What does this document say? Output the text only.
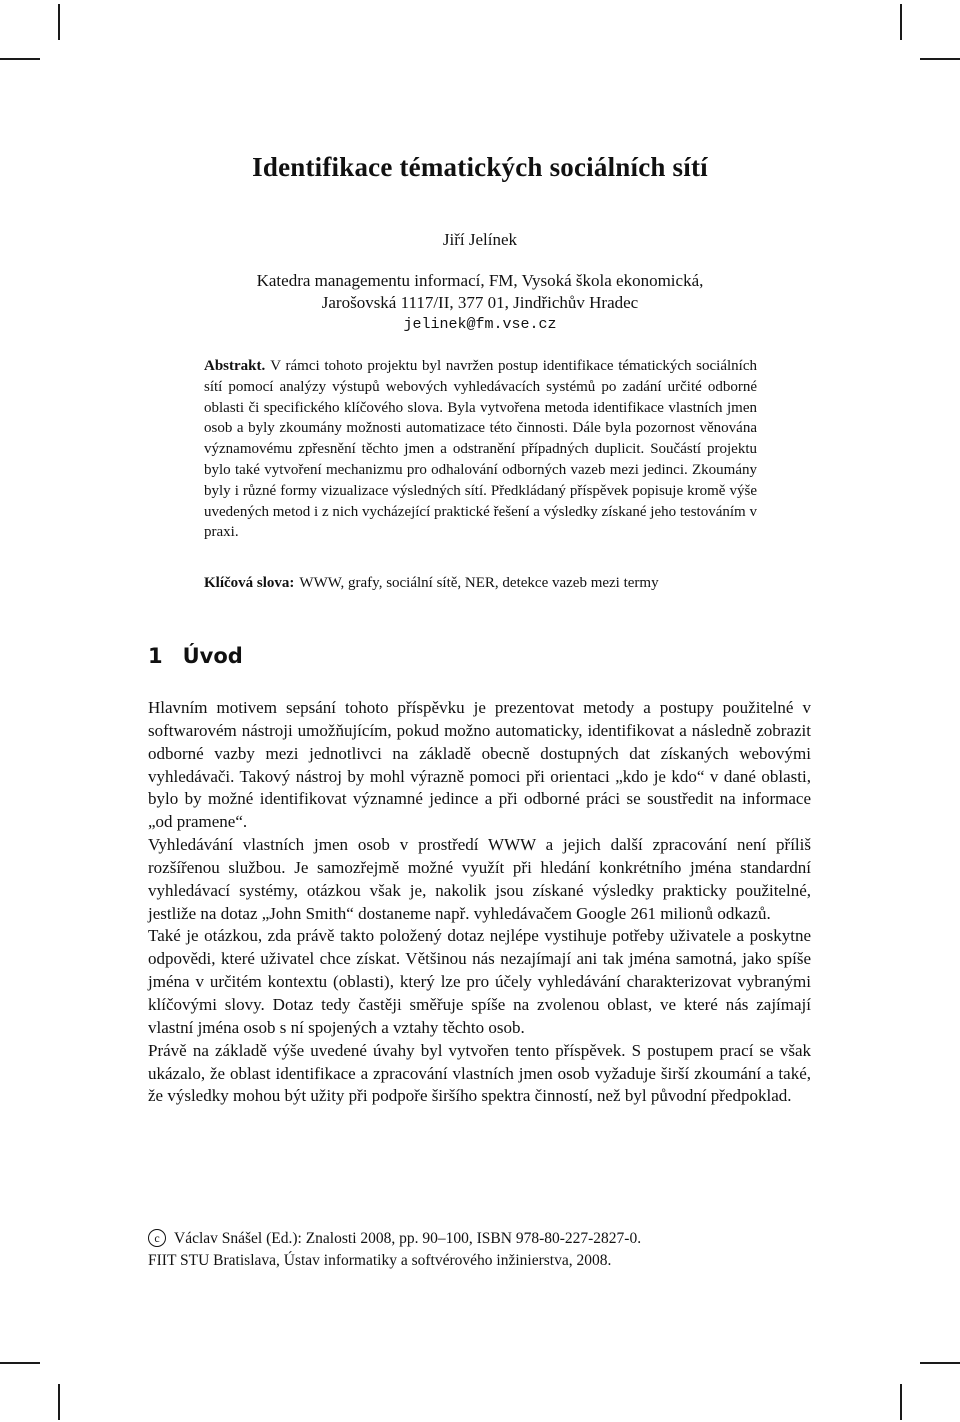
Identifikace tématických sociálních sítí
Jiří Jelínek
Katedra managementu informací, FM, Vysoká škola ekonomická,
Jarošovská 1117/II, 377 01, Jindřichův Hradec
jelinek@fm.vse.cz

Abstrakt. V rámci tohoto projektu byl navržen postup identifikace tématických sociálních sítí pomocí analýzy výstupů webových vyhledávacích systémů po zadání určité odborné oblasti či specifického klíčového slova. Byla vytvořena metoda identifikace vlastních jmen osob a byly zkoumány možnosti automatizace této činnosti. Dále byla pozornost věnována významovému zpřesnění těchto jmen a odstranění případných duplicit. Součástí projektu bylo také vytvoření mechanizmu pro odhalování odborných vazeb mezi jedinci. Zkoumány byly i různé formy vizualizace výsledných sítí. Předkládaný příspěvek popisuje kromě výše uvedených metod i z nich vycházející praktické řešení a výsledky získané jeho testováním v praxi.

Klíčová slova: WWW, grafy, sociální sítě, NER, detekce vazeb mezi termy

1 Úvod

Hlavním motivem sepsání tohoto příspěvku je prezentovat metody a postupy použitelné v softwarovém nástroji umožňujícím, pokud možno automaticky, identifikovat a následně zobrazit odborné vazby mezi jednotlivci na základě obecně dostupných dat získaných webovými vyhledávači. Takový nástroj by mohl výrazně pomoci při orientaci „kdo je kdo“ v dané oblasti, bylo by možné identifikovat významné jedince a při odborné práci se soustředit na informace „od pramene“.

Vyhledávání vlastních jmen osob v prostředí WWW a jejich další zpracování není příliš rozšířenou službou. Je samozřejmě možné využít při hledání konkrétního jména standardní vyhledávací systémy, otázkou však je, nakolik jsou získané výsledky prakticky použitelné, jestliže na dotaz „John Smith“ dostaneme např. vyhledávačem Google 261 milionů odkazů.

Také je otázkou, zda právě takto položený dotaz nejlépe vystihuje potřeby uživatele a poskytne odpovědi, které uživatel chce získat. Většinou nás nezajímají ani tak jména samotná, jako spíše jména v určitém kontextu (oblasti), který lze pro účely vyhledávání charakterizovat vybranými klíčovými slovy. Dotaz tedy častěji směřuje spíše na zvolenou oblast, ve které nás zajímají vlastní jména osob s ní spojených a vztahy těchto osob.

Právě na základě výše uvedené úvahy byl vytvořen tento příspěvek. S postupem prací se však ukázalo, že oblast identifikace a zpracování vlastních jmen osob vyžaduje širší zkoumání a také, že výsledky mohou být užity při podpoře širšího spektra činností, než byl původní předpoklad.

c Václav Snášel (Ed.): Znalosti 2008, pp. 90–100, ISBN 978-80-227-2827-0.
FIIT STU Bratislava, Ústav informatiky a softvérového inžinierstva, 2008.
